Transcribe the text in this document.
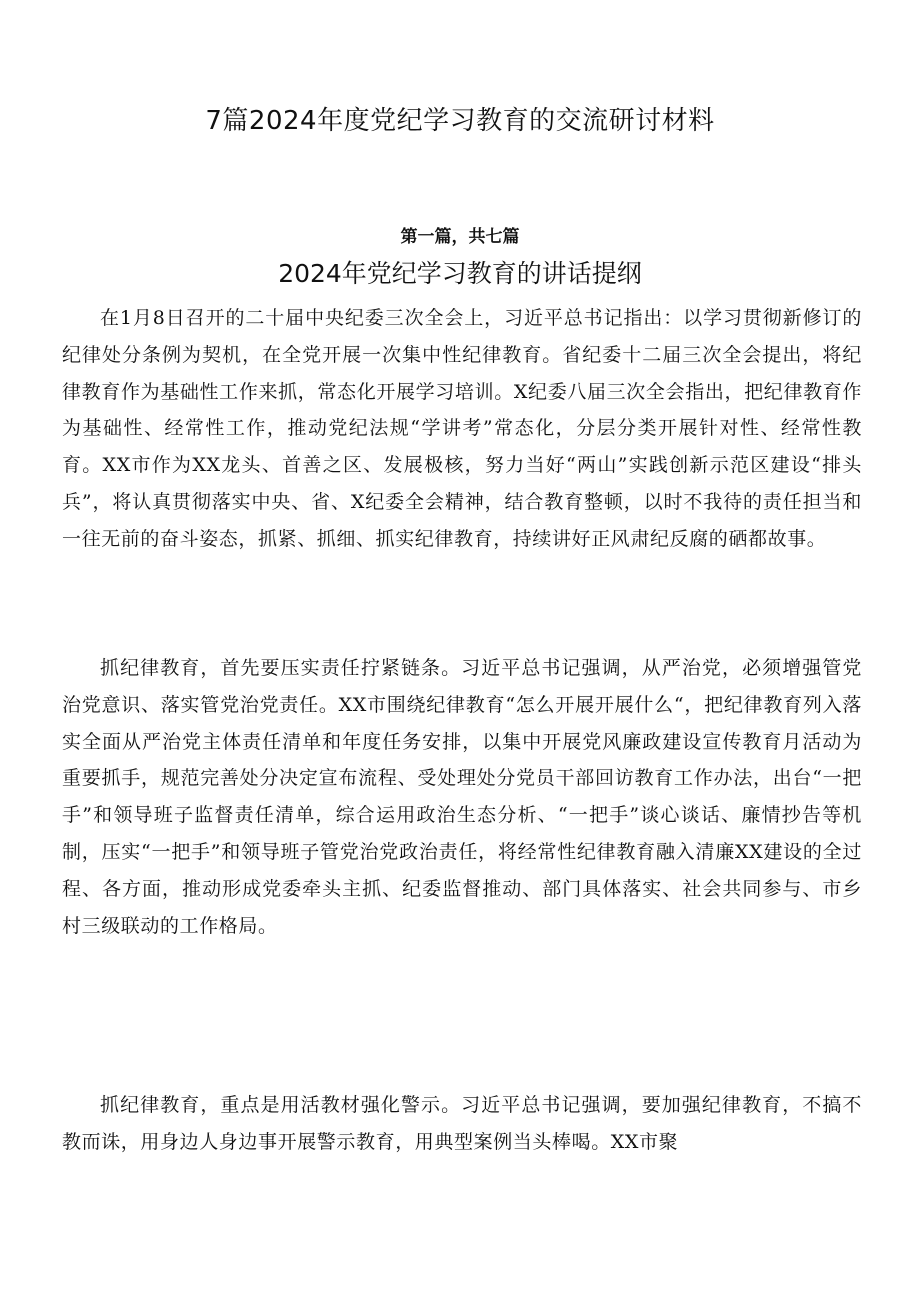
7篇2024年度党纪学习教育的交流研讨材料
第一篇，共七篇
2024年党纪学习教育的讲话提纲

在1月8日召开的二十届中央纪委三次全会上，习近平总书记指出：以学习贯彻新修订的纪律处分条例为契机，在全党开展一次集中性纪律教育。省纪委十二届三次全会提出，将纪律教育作为基础性工作来抓，常态化开展学习培训。X纪委八届三次全会指出，把纪律教育作为基础性、经常性工作，推动党纪法规“学讲考”常态化，分层分类开展针对性、经常性教育。XX市作为XX龙头、首善之区、发展极核，努力当好“两山”实践创新示范区建设“排头兵”，将认真贯彻落实中央、省、X纪委全会精神，结合教育整顿，以时不我待的责任担当和一往无前的奋斗姿态，抓紧、抓细、抓实纪律教育，持续讲好正风肃纪反腐的硒都故事。

抓纪律教育，首先要压实责任拧紧链条。习近平总书记强调，从严治党，必须增强管党治党意识、落实管党治党责任。XX市围绕纪律教育“怎么开展开展什么“，把纪律教育列入落实全面从严治党主体责任清单和年度任务安排，以集中开展党风廉政建设宣传教育月活动为重要抓手，规范完善处分决定宣布流程、受处理处分党员干部回访教育工作办法，出台“一把手”和领导班子监督责任清单，综合运用政治生态分析、“一把手”谈心谈话、廉情抄告等机制，压实“一把手”和领导班子管党治党政治责任，将经常性纪律教育融入清廉XX建设的全过程、各方面，推动形成党委牵头主抓、纪委监督推动、部门具体落实、社会共同参与、市乡村三级联动的工作格局。

抓纪律教育，重点是用活教材强化警示。习近平总书记强调，要加强纪律教育，不搞不教而诛，用身边人身边事开展警示教育，用典型案例当头棒喝。XX市聚
